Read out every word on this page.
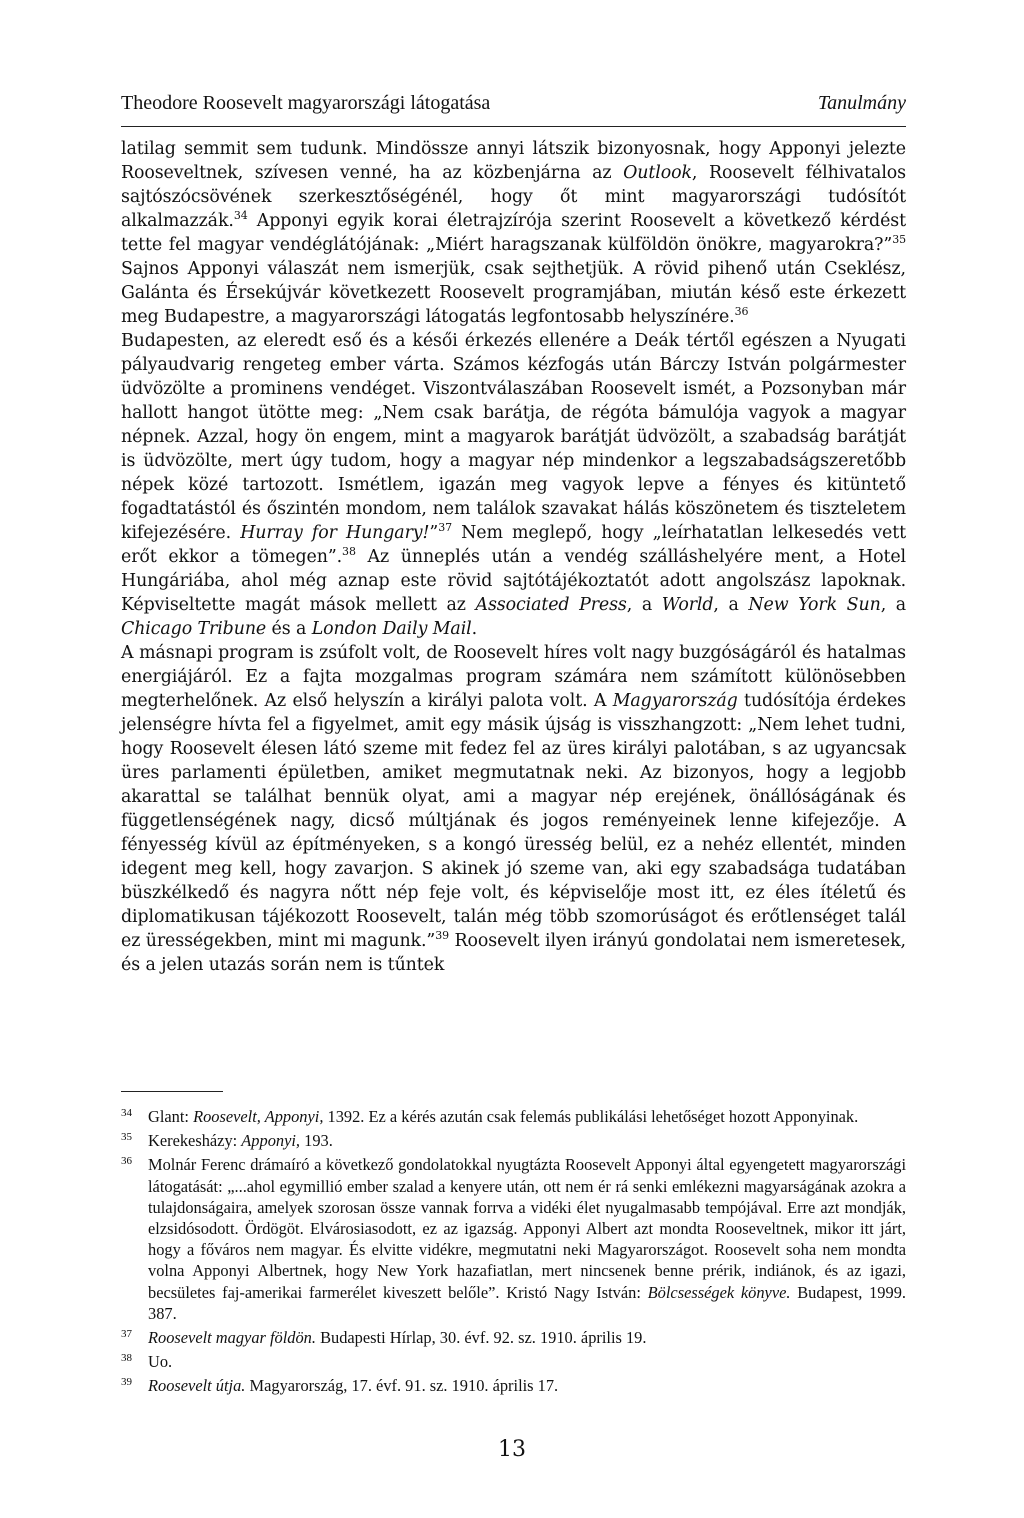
Theodore Roosevelt magyarországi látogatása	Tanulmány

latilag semmit sem tudunk. Mindössze annyi látszik bizonyosnak, hogy Apponyi jelezte Rooseveltnek, szívesen venné, ha az közbenjárna az Outlook, Roosevelt félhivatalos sajtószócsövének szerkesztőségénél, hogy őt mint magyarországi tudósítót alkalmazzák.$^{34}$ Apponyi egyik korai életrajzírója szerint Roosevelt a következő kérdést tette fel magyar vendéglátójának: „Miért haragszanak külföldön önökre, magyarokra?”$^{35}$ Sajnos Apponyi válaszát nem ismerjük, csak sejthetjük. A rövid pihenő után Cseklész, Galánta és Érsekújvár következett Roosevelt programjában, miután késő este érkezett meg Budapestre, a magyarországi látogatás legfontosabb helyszínére.$^{36}$

Budapesten, az eleredt eső és a késői érkezés ellenére a Deák tértől egészen a Nyugati pályaudvarig rengeteg ember várta. Számos kézfogás után Bárczy István polgármester üdvözölte a prominens vendéget. Viszontválaszában Roosevelt ismét, a Pozsonyban már hallott hangot ütötte meg: „Nem csak barátja, de régóta bámulója vagyok a magyar népnek. Azzal, hogy ön engem, mint a magyarok barátját üdvözölt, a szabadság barátját is üdvözölte, mert úgy tudom, hogy a magyar nép mindenkor a legszabadságszeretőbb népek közé tartozott. Ismétlem, igazán meg vagyok lepve a fényes és kitüntető fogadtatástól és őszintén mondom, nem találok szavakat hálás köszönetem és tiszteletem kifejezésére. Hurray for Hungary!”$^{37}$ Nem meglepő, hogy „leírhatatlan lelkesedés vett erőt ekkor a tömegen”.$^{38}$ Az ünneplés után a vendég szálláshelyére ment, a Hotel Hungáriába, ahol még aznap este rövid sajtótájékoztatót adott angolszász lapoknak. Képviseltette magát mások mellett az Associated Press, a World, a New York Sun, a Chicago Tribune és a London Daily Mail.

A másnapi program is zsúfolt volt, de Roosevelt híres volt nagy buzgóságáról és hatalmas energiájáról. Ez a fajta mozgalmas program számára nem számított különösebben megterhelőnek. Az első helyszín a királyi palota volt. A Magyarország tudósítója érdekes jelenségre hívta fel a figyelmet, amit egy másik újság is visszhangzott: „Nem lehet tudni, hogy Roosevelt élesen látó szeme mit fedez fel az üres királyi palotában, s az ugyancsak üres parlamenti épületben, amiket megmutatnak neki. Az bizonyos, hogy a legjobb akarattal se találhat bennük olyat, ami a magyar nép erejének, önállóságának és függetlenségének nagy, dicső múltjának és jogos reményeinek lenne kifejezője. A fényesség kívül az építményeken, s a kongó üresség belül, ez a nehéz ellentét, minden idegent meg kell, hogy zavarjon. S akinek jó szeme van, aki egy szabadsága tudatában büszkélkedő és nagyra nőtt nép feje volt, és képviselője most itt, ez éles ítéletű és diplomatikusan tájékozott Roosevelt, talán még több szomorúságot és erőtlenséget talál ez ürességekben, mint mi magunk.”$^{39}$ Roosevelt ilyen irányú gondolatai nem ismeretesek, és a jelen utazás során nem is tűntek

34 Glant: Roosevelt, Apponyi, 1392. Ez a kérés azután csak felemás publikálási lehetőséget hozott Apponyinak.
35 Kerekesházy: Apponyi, 193.
36 Molnár Ferenc drámaíró a következő gondolatokkal nyugtázta Roosevelt Apponyi által egyengetett magyarországi látogatását: „...ahol egymillió ember szalad a kenyere után, ott nem ér rá senki emlékezni magyarságának azokra a tulajdonságaira, amelyek szorosan össze vannak forrva a vidéki élet nyugalmasabb tempójával. Erre azt mondják, elzsidósodott. Ördögöt. Elvárosiasodott, ez az igazság. Apponyi Albert azt mondta Rooseveltnek, mikor itt járt, hogy a főváros nem magyar. És elvitte vidékre, megmutatni neki Magyarországot. Roosevelt soha nem mondta volna Apponyi Albertnek, hogy New York hazafiatlan, mert nincsenek benne prérik, indiánok, és az igazi, becsületes faj-amerikai farmerélet kiveszett belőle”. Kristó Nagy István: Bölcsességek könyve. Budapest, 1999. 387.
37 Roosevelt magyar földön. Budapesti Hírlap, 30. évf. 92. sz. 1910. április 19.
38 Uo.
39 Roosevelt útja. Magyarország, 17. évf. 91. sz. 1910. április 17.
13
